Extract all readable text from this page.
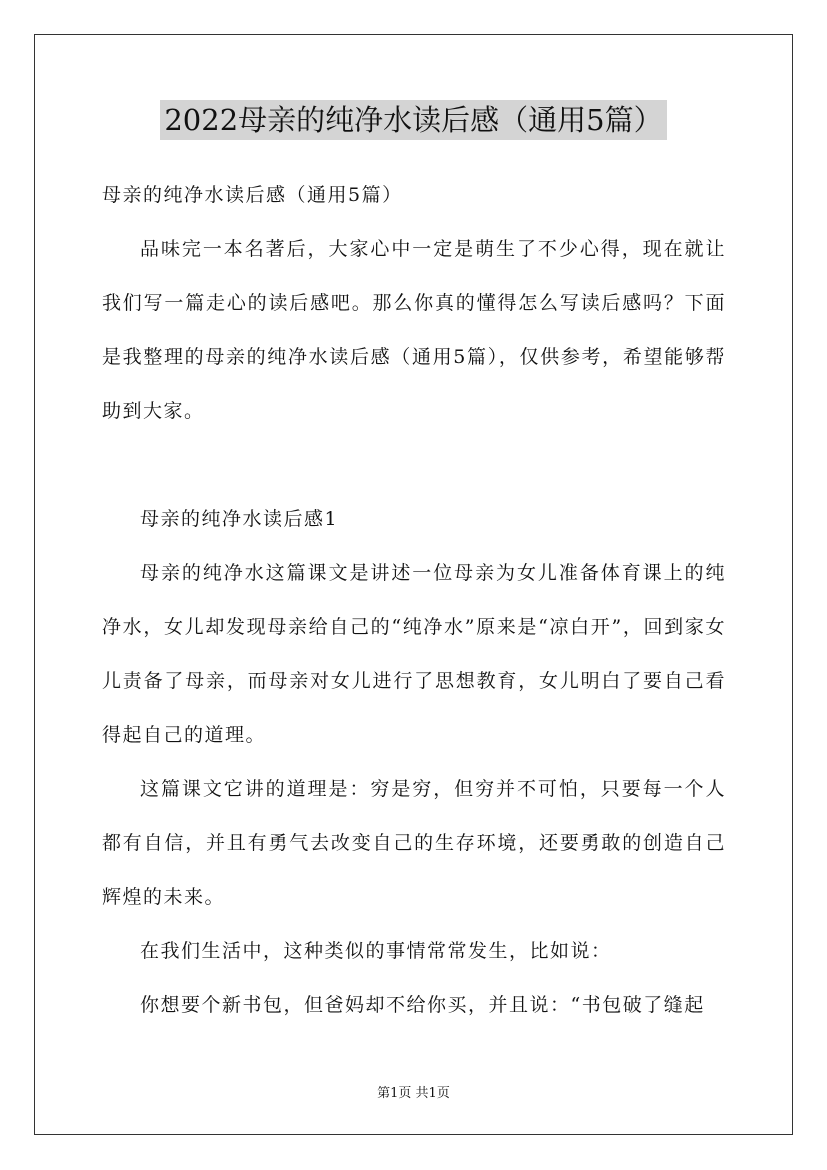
2022母亲的纯净水读后感（通用5篇）

母亲的纯净水读后感（通用5篇）

品味完一本名著后，大家心中一定是萌生了不少心得，现在就让我们写一篇走心的读后感吧。那么你真的懂得怎么写读后感吗？下面是我整理的母亲的纯净水读后感（通用5篇），仅供参考，希望能够帮助到大家。

母亲的纯净水读后感1

母亲的纯净水这篇课文是讲述一位母亲为女儿准备体育课上的纯净水，女儿却发现母亲给自己的“纯净水”原来是“凉白开”，回到家女儿责备了母亲，而母亲对女儿进行了思想教育，女儿明白了要自己看得起自己的道理。

这篇课文它讲的道理是：穷是穷，但穷并不可怕，只要每一个人都有自信，并且有勇气去改变自己的生存环境，还要勇敢的创造自己辉煌的未来。

在我们生活中，这种类似的事情常常发生，比如说：

你想要个新书包，但爸妈却不给你买，并且说：“书包破了缝起

第1页 共1页
